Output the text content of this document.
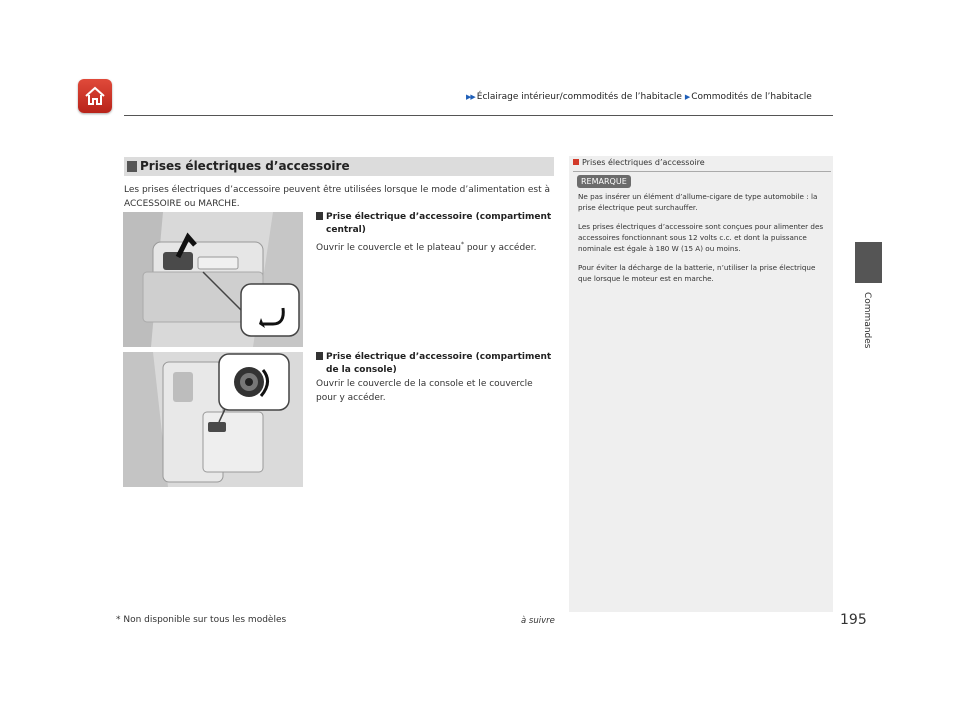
▶▶ Éclairage intérieur/commodités de l’habitacle ▶ Commodités de l’habitacle
Commandes
Prises électriques d’accessoire
Les prises électriques d’accessoire peuvent être utilisées lorsque le mode d’alimentation est à ACCESSOIRE ou MARCHE.
Prise électrique d’accessoire (compartiment
central)
Ouvrir le couvercle et le plateau* pour y accéder.
Prise électrique d’accessoire (compartiment
de la console)
Ouvrir le couvercle de la console et le couvercle pour y accéder.
Prises électriques d’accessoire
REMARQUE

Ne pas insérer un élément d’allume-cigare de type automobile : la prise électrique peut surchauffer.

Les prises électriques d’accessoire sont conçues pour alimenter des accessoires fonctionnant sous 12 volts c.c. et dont la puissance nominale est égale à 180 W (15 A) ou moins.

Pour éviter la décharge de la batterie, n’utiliser la prise électrique que lorsque le moteur est en marche.

* Non disponible sur tous les modèles	à suivre	195
